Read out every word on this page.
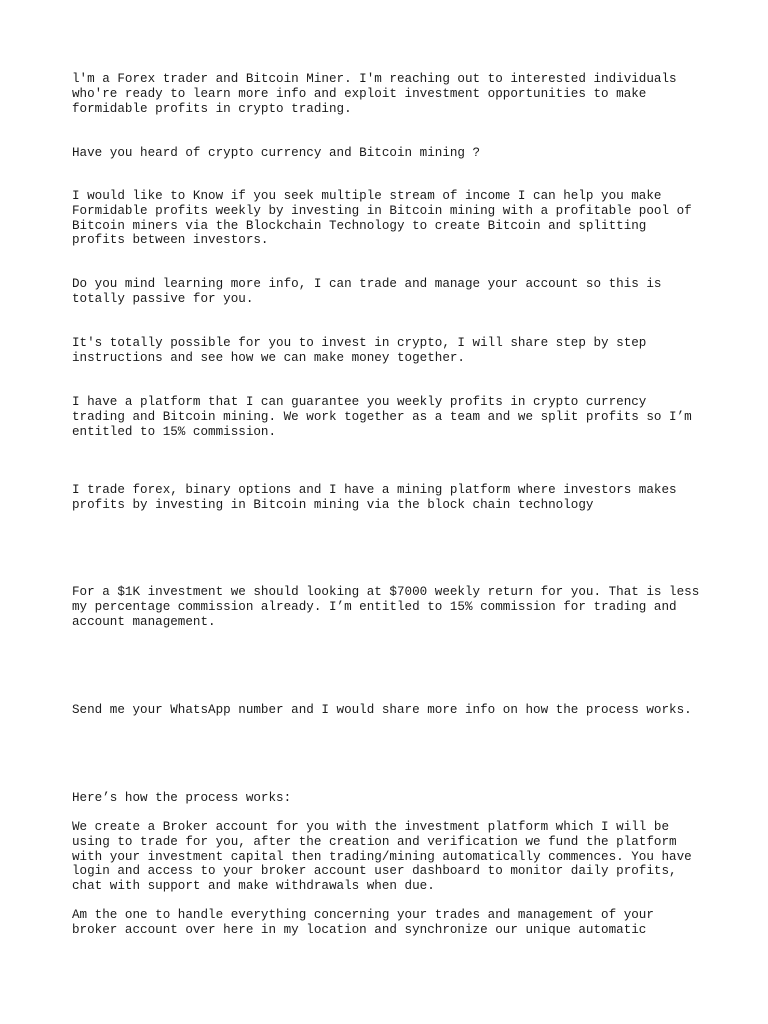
l'm a Forex trader and Bitcoin Miner. I'm reaching out to interested individuals
who're ready to learn more info and exploit investment opportunities to make
formidable profits in crypto trading.

Have you heard of crypto currency and Bitcoin mining ?

I would like to Know if you seek multiple stream of income I can help you make
Formidable profits weekly by investing in Bitcoin mining with a profitable pool of
Bitcoin miners via the Blockchain Technology to create Bitcoin and splitting
profits between investors.

Do you mind learning more info, I can trade and manage your account so this is
totally passive for you.

It's totally possible for you to invest in crypto, I will share step by step
instructions and see how we can make money together.

I have a platform that I can guarantee you weekly profits in crypto currency
trading and Bitcoin mining. We work together as a team and we split profits so I’m
entitled to 15% commission.

I trade forex, binary options and I have a mining platform where investors makes
profits by investing in Bitcoin mining via the block chain technology

For a $1K investment we should looking at $7000 weekly return for you. That is less
my percentage commission already. I’m entitled to 15% commission for trading and
account management.

Send me your WhatsApp number and I would share more info on how the process works.

Here’s how the process works:

We create a Broker account for you with the investment platform which I will be
using to trade for you, after the creation and verification we fund the platform
with your investment capital then trading/mining automatically commences. You have
login and access to your broker account user dashboard to monitor daily profits,
chat with support and make withdrawals when due.

Am the one to handle everything concerning your trades and management of your
broker account over here in my location and synchronize our unique automatic
